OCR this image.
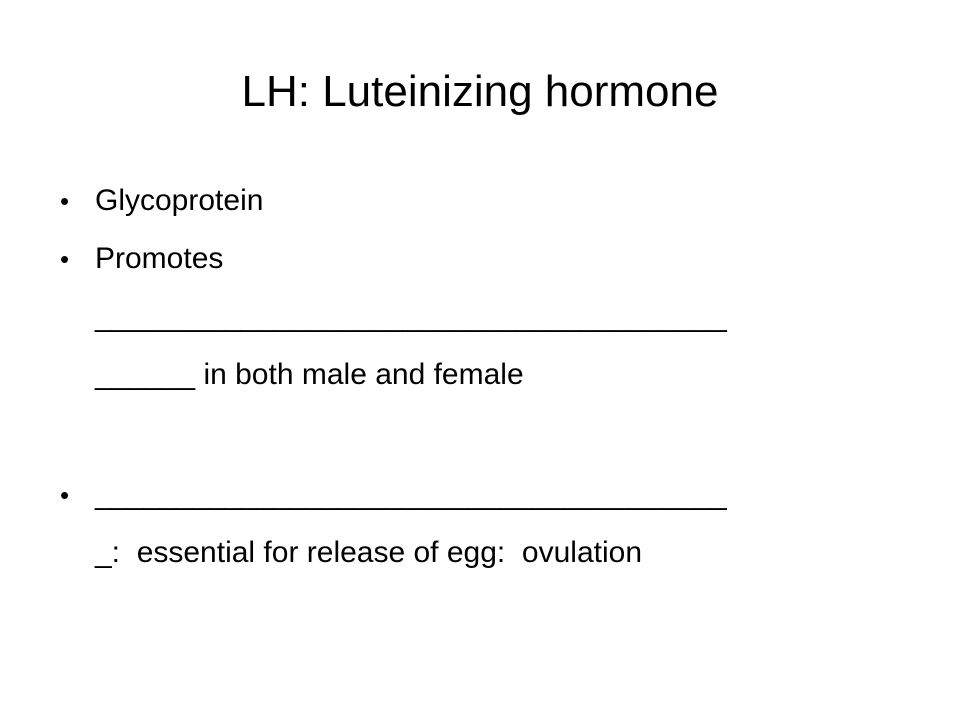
LH: Luteinizing hormone
• Glycoprotein
• Promotes
_______________________________________
______ in both male and female
• _______________________________________
_:  essential for release of egg:  ovulation
